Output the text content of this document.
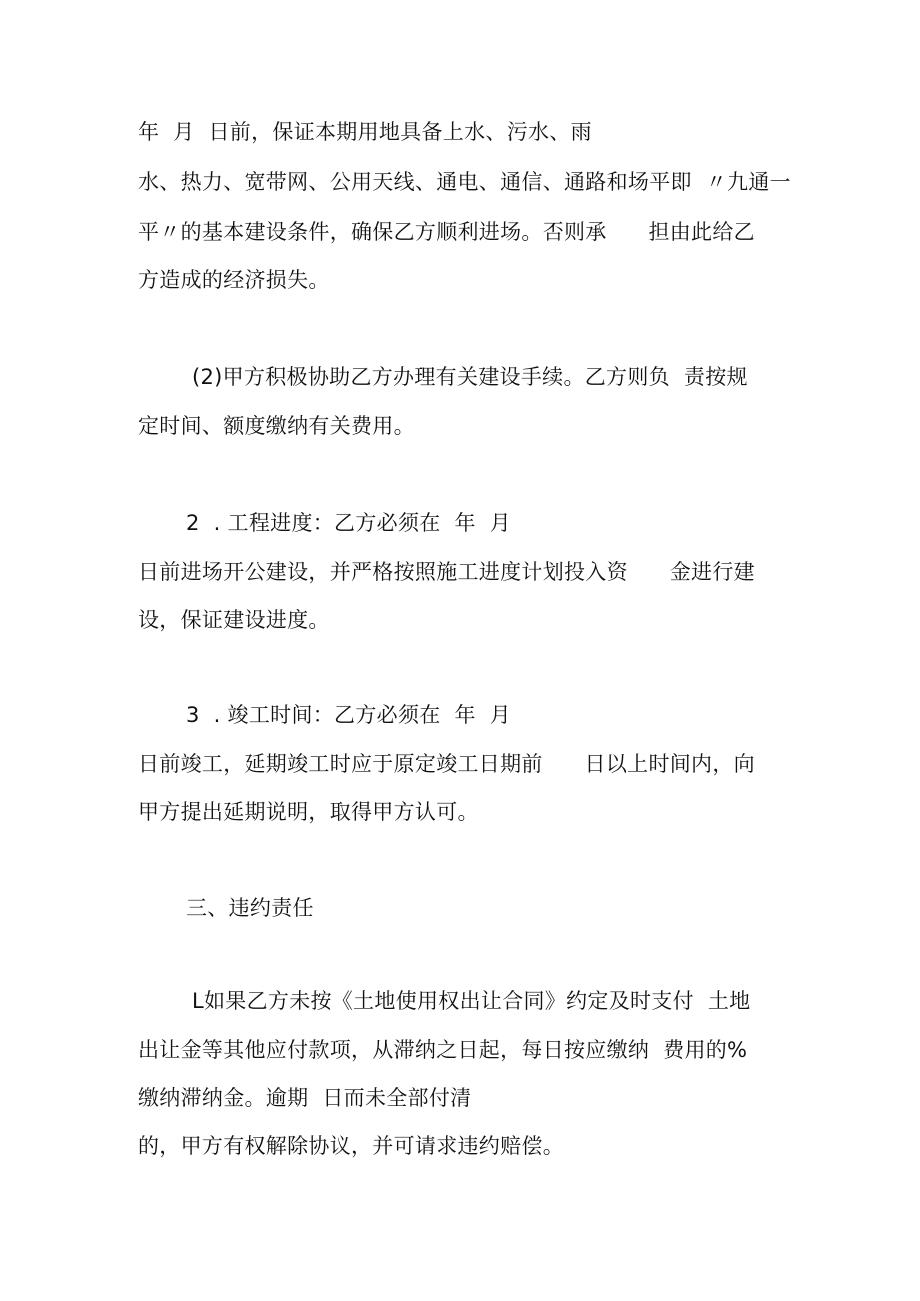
年  月  日前，保证本期用地具备上水、污水、雨
水、热力、宽带网、公用天线、通电、通信、通路和场平即  〃九通一
平〃的基本建设条件，确保乙方顺利进场。否则承      担由此给乙
方造成的经济损失。
(2)甲方积极协助乙方办理有关建设手续。乙方则负  责按规
定时间、额度缴纳有关费用。
2  . 工程进度：乙方必须在  年  月
日前进场开公建设，并严格按照施工进度计划投入资      金进行建
设，保证建设进度。
3  . 竣工时间：乙方必须在  年  月
日前竣工，延期竣工时应于原定竣工日期前      日以上时间内，向
甲方提出延期说明，取得甲方认可。
三、违约责任
L如果乙方未按《土地使用权出让合同》约定及时支付  土地
出让金等其他应付款项，从滞纳之日起，每日按应缴纳  费用的%
缴纳滞纳金。逾期  日而未全部付清
的，甲方有权解除协议，并可请求违约赔偿。
